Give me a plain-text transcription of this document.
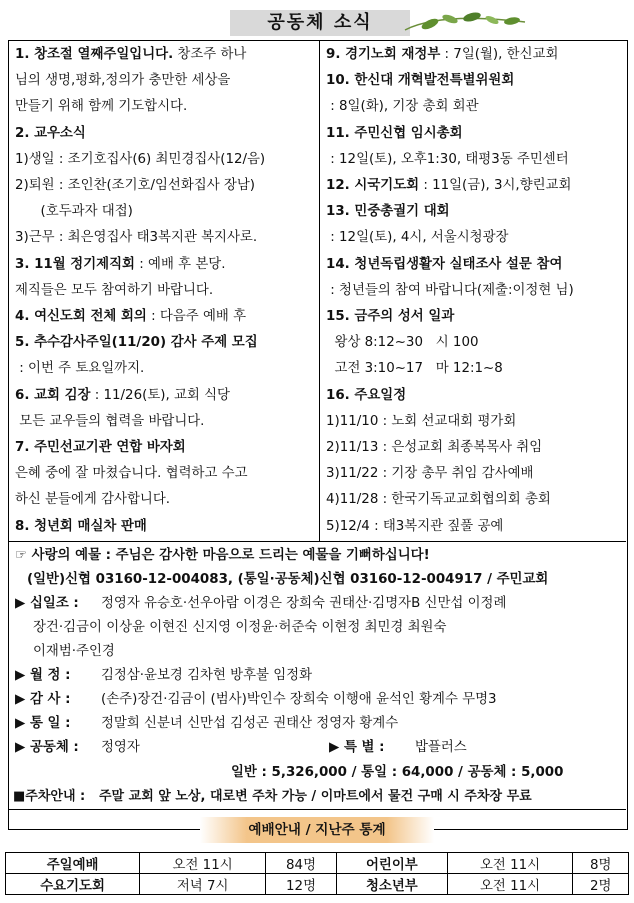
공동체 소식
1. 창조절 열째주일입니다. 창조주 하나
님의 생명,평화,정의가 충만한 세상을
만들기 위해 함께 기도합시다.
2. 교우소식
1)생일 : 조기호집사(6) 최민경집사(12/음)
2)퇴원 : 조인찬(조기호/임선화집사 장남)
(호두과자 대접)
3)근무 : 최은영집사 태3복지관 복지사로.
3. 11월 정기제직회 : 예배 후 본당.
제직들은 모두 참여하기 바랍니다.
4. 여신도회 전체 회의 : 다음주 예배 후
5. 추수감사주일(11/20) 감사 주제 모집
: 이번 주 토요일까지.
6. 교회 김장 : 11/26(토), 교회 식당
모든 교우들의 협력을 바랍니다.
7. 주민선교기관 연합 바자회
은혜 중에 잘 마쳤습니다. 협력하고 수고
하신 분들에게 감사합니다.
8. 청년회 매실차 판매
9. 경기노회 재정부 : 7일(월), 한신교회
10. 한신대 개혁발전특별위원회
: 8일(화), 기장 총회 회관
11. 주민신협 임시총회
: 12일(토), 오후1:30, 태평3동 주민센터
12. 시국기도회 : 11일(금), 3시,향린교회
13. 민중총궐기 대회
: 12일(토), 4시, 서울시청광장
14. 청년독립생활자 실태조사 설문 참여
: 청년들의 참여 바랍니다(제출:이정현 님)
15. 금주의 성서 일과
왕상 8:12~30   시 100
고전 3:10~17   마 12:1~8
16. 주요일정
1)11/10 : 노회 선교대회 평가회
2)11/13 : 은성교회 최종복목사 취임
3)11/22 : 기장 총무 취임 감사예배
4)11/28 : 한국기독교교회협의회 총회
5)12/4 : 태3복지관 짚풀 공예
☞ 사랑의 예물 : 주님은 감사한 마음으로 드리는 예물을 기뻐하십니다!
(일반)신협 03160-12-004083, (통일·공동체)신협 03160-12-004917 / 주민교회
▶ 십일조 : 정영자 유승호·선우아람 이경은 장희숙 권태산·김명자B 신만섭 이정례
장건·김금이 이상윤 이현진 신지영 이정윤·허준숙 이현정 최민경 최원숙
이재범·주인경
▶ 월 정 : 김정삼·윤보경 김차현 방후불 임정화
▶ 감 사 : (손주)장건·김금이 (범사)박인수 장희숙 이행애 윤석인 황계수 무명3
▶ 통 일 : 정말희 신분녀 신만섭 김성곤 권태산 정영자 황계수
▶ 공동체 : 정영자	▶ 특 별 : 밥플러스
일반 : 5,326,000 / 통일 : 64,000 / 공동체 : 5,000
■주차안내 : 주말 교회 앞 노상, 대로변 주차 가능 / 이마트에서 물건 구매 시 주차장 무료
예배안내 / 지난주 통계
주일예배	오전 11시	84명	어린이부	오전 11시	8명
수요기도회	저녁 7시	12명	청소년부	오전 11시	2명
